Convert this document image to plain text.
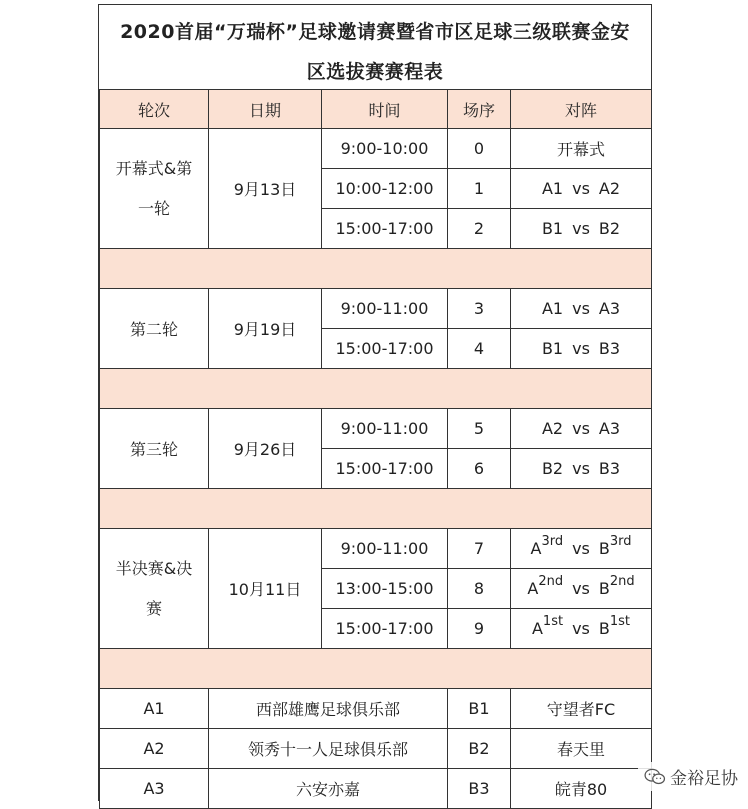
2020首届“万瑞杯”足球邀请赛暨省市区足球三级联赛金安
区选拔赛赛程表
轮次	日期	时间	场序	对阵
开幕式&第一轮	9月13日	9:00-10:00	0	开幕式
		10:00-12:00	1	A1 vs A2
		15:00-17:00	2	B1 vs B2

第二轮	9月19日	9:00-11:00	3	A1 vs A3
		15:00-17:00	4	B1 vs B3

第三轮	9月26日	9:00-11:00	5	A2 vs A3
		15:00-17:00	6	B2 vs B3

半决赛&决赛	10月11日	9:00-11:00	7	$A^{3rd}$ vs $B^{3rd}$
		13:00-15:00	8	$A^{2nd}$ vs $B^{2nd}$
		15:00-17:00	9	$A^{1st}$ vs $B^{1st}$

A1	西部雄鹰足球俱乐部		B1	守望者FC
A2	领秀十一人足球俱乐部		B2	春天里
A3	六安亦嘉		B3	皖青80
金裕足协
